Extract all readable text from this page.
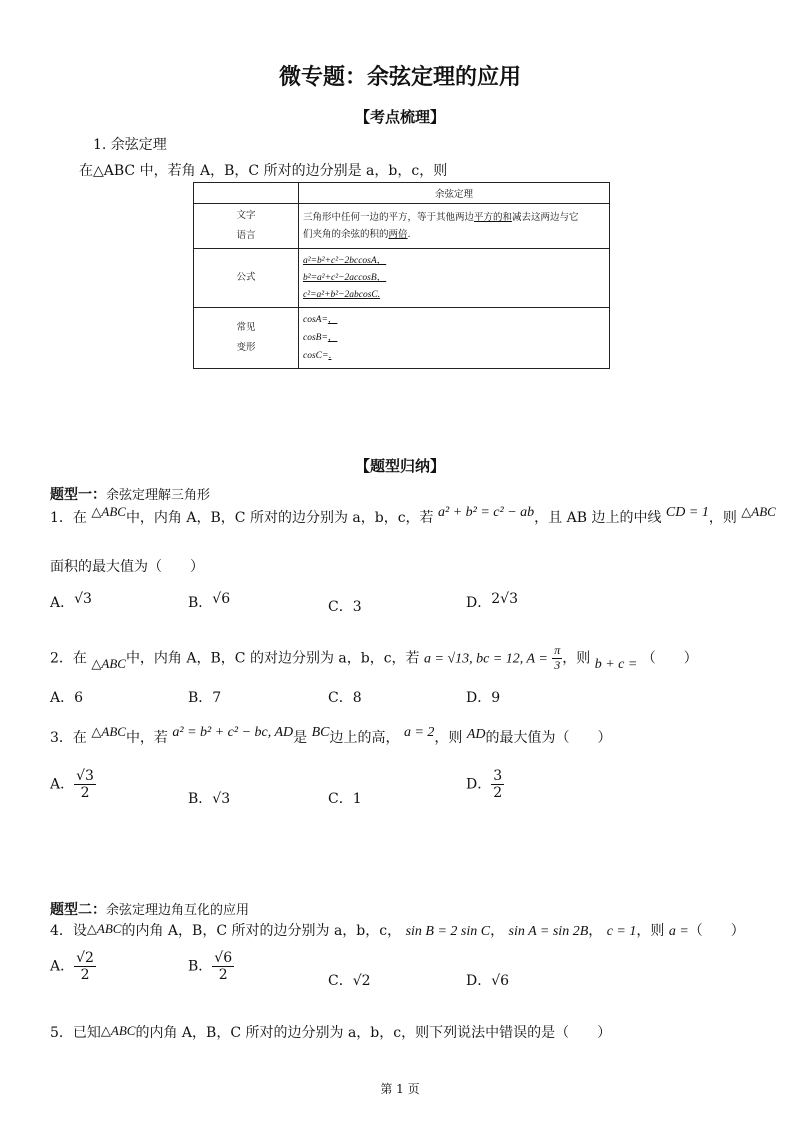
微专题：余弦定理的应用
【考点梳理】
1. 余弦定理
在△ABC 中，若角 A，B，C 所对的边分别是 a，b，c，则
	余弦定理
文字
语言	三角形中任何一边的平方，等于其他两边平方的和减去这两边与它
们夹角的余弦的积的两倍.
公式	a²=b²+c²−2bccosA，
b²=a²+c²−2accosB，
c²=a²+b²−2abcosC.
常见
变形	cosA=，
cosB=，
cosC=.
【题型归纳】
题型一：余弦定理解三角形
1．在 △ABC中，内角 A，B，C 所对的边分别为 a，b，c，若 a² + b² = c² − ab，且 AB 边上的中线 CD = 1，则 △ABC
面积的最大值为（　　）
A．√3	B．√6	C．3	D．2√3
2．在 △ABC中，内角 A，B，C 的对边分别为 a，b，c，若 a = √13, bc = 12, $A = \frac{\pi}{3}$ ，则 b + c = （　　）
A．6	B．7	C．8	D．9
3．在 △ABC中，若 a² = b² + c² − bc, AD是 BC边上的高， a = 2，则 AD的最大值为（　　）
A． $\frac{√3}{2}$	B．√3	C．1
D． $\frac{3}{2}$
题型二：余弦定理边角互化的应用
4．设△ABC的内角 A，B，C 所对的边分别为 a，b，c， sin B = 2 sin C， sin A = sin 2B， c = 1，则 a =（　　）
A． $\frac{√2}{2}$	B． $\frac{√6}{2}$	C．√2	D．√6
5．已知△ABC的内角 A，B，C 所对的边分别为 a，b，c，则下列说法中错误的是（　　）
第 1 页
